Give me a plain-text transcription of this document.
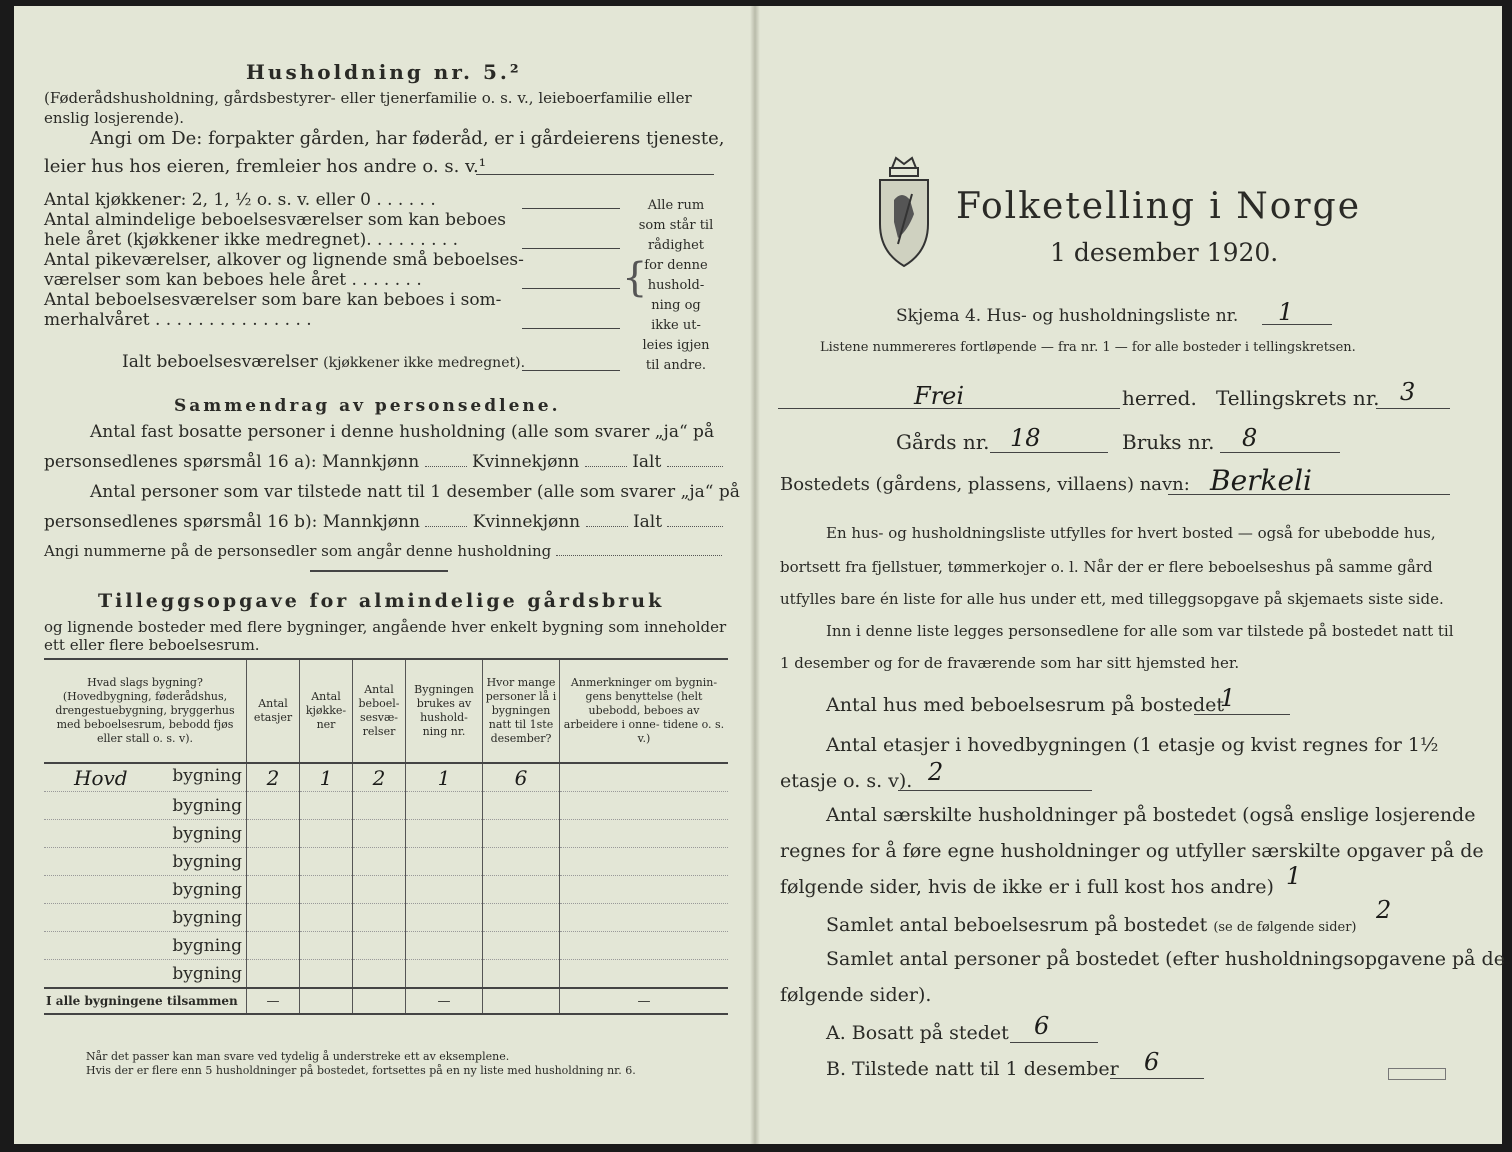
Husholdning nr. 5.²
(Føderådshusholdning, gårdsbestyrer- eller tjenerfamilie o. s. v., leieboerfamilie eller enslig losjerende).
Angi om De: forpakter gården, har føderåd, er i gårdeierens tjeneste,
leier hus hos eieren, fremleier hos andre o. s. v.¹
Antal kjøkkener: 2, 1, ½ o. s. v. eller 0 . . . . . .
Antal almindelige beboelsesværelser som kan beboes
hele året (kjøkkener ikke medregnet). . . . . . . . .
Antal pikeværelser, alkover og lignende små beboelses-
værelser som kan beboes hele året . . . . . . .
Antal beboelsesværelser som bare kan beboes i som-
merhalvåret . . . . . . . . . . . . . . .
{
Alle rum
som står til
rådighet
for denne
hushold-
ning og
ikke ut-
leies igjen
til andre.
Ialt beboelsesværelser (kjøkkener ikke medregnet).
Sammendrag av personsedlene.
Antal fast bosatte personer i denne husholdning (alle som svarer „ja“ på
personsedlenes spørsmål 16 a): Mannkjønn	Kvinnekjønn	Ialt
Antal personer som var tilstede natt til 1 desember (alle som svarer „ja“ på
personsedlenes spørsmål 16 b): Mannkjønn	Kvinnekjønn	Ialt
Angi nummerne på de personsedler som angår denne husholdning
Tilleggsopgave for almindelige gårdsbruk
og lignende bosteder med flere bygninger, angående hver enkelt bygning som inneholder
ett eller flere beboelsesrum.
Hvad slags bygning? (Hovedbygning, føderådshus, drengestuebygning, bryggerhus med beboelsesrum, bebodd fjøs eller stall o. s. v).	Antal etasjer	Antal kjøkke- ner	Antal beboel- sesvæ- relser	Bygningen brukes av hushold- ning nr.	Hvor mange personer lå i bygningen natt til 1ste desember?	Anmerkninger om bygnin- gens benyttelse (helt ubebodd, beboes av arbeidere i onne- tidene o. s. v.)

Hovd bygning	2	1	2	1	6	
bygning						
bygning						
bygning						
bygning						
bygning						
bygning						
bygning						
I alle bygningene tilsammen	—			—		—
Når det passer kan man svare ved tydelig å understreke ett av eksemplene.
Hvis der er flere enn 5 husholdninger på bostedet, fortsettes på en ny liste med husholdning nr. 6.
Folketelling i Norge
1 desember 1920.
Skjema 4. Hus- og husholdningsliste nr. 1
Listene nummereres fortløpende — fra nr. 1 — for alle bosteder i tellingskretsen.
Frei	herred. Tellingskrets nr. 3
Gårds nr. 18	Bruks nr. 8
Bostedets (gårdens, plassens, villaens) navn: Berkeli
En hus- og husholdningsliste utfylles for hvert bosted — også for ubebodde hus,
bortsett fra fjellstuer, tømmerkojer o. l. Når der er flere beboelseshus på samme gård
utfylles bare én liste for alle hus under ett, med tilleggsopgave på skjemaets siste side.
Inn i denne liste legges personsedlene for alle som var tilstede på bostedet natt til
1 desember og for de fraværende som har sitt hjemsted her.
Antal hus med beboelsesrum på bostedet
1
Antal etasjer i hovedbygningen (1 etasje og kvist regnes for 1½
etasje o. s. v). 2
Antal særskilte husholdninger på bostedet (også enslige losjerende
regnes for å føre egne husholdninger og utfyller særskilte opgaver på de
følgende sider, hvis de ikke er i full kost hos andre) 1
Samlet antal beboelsesrum på bostedet (se de følgende sider)
2
Samlet antal personer på bostedet (efter husholdningsopgavene på de
følgende sider).
A. Bosatt på stedet 6
B. Tilstede natt til 1 desember 6
